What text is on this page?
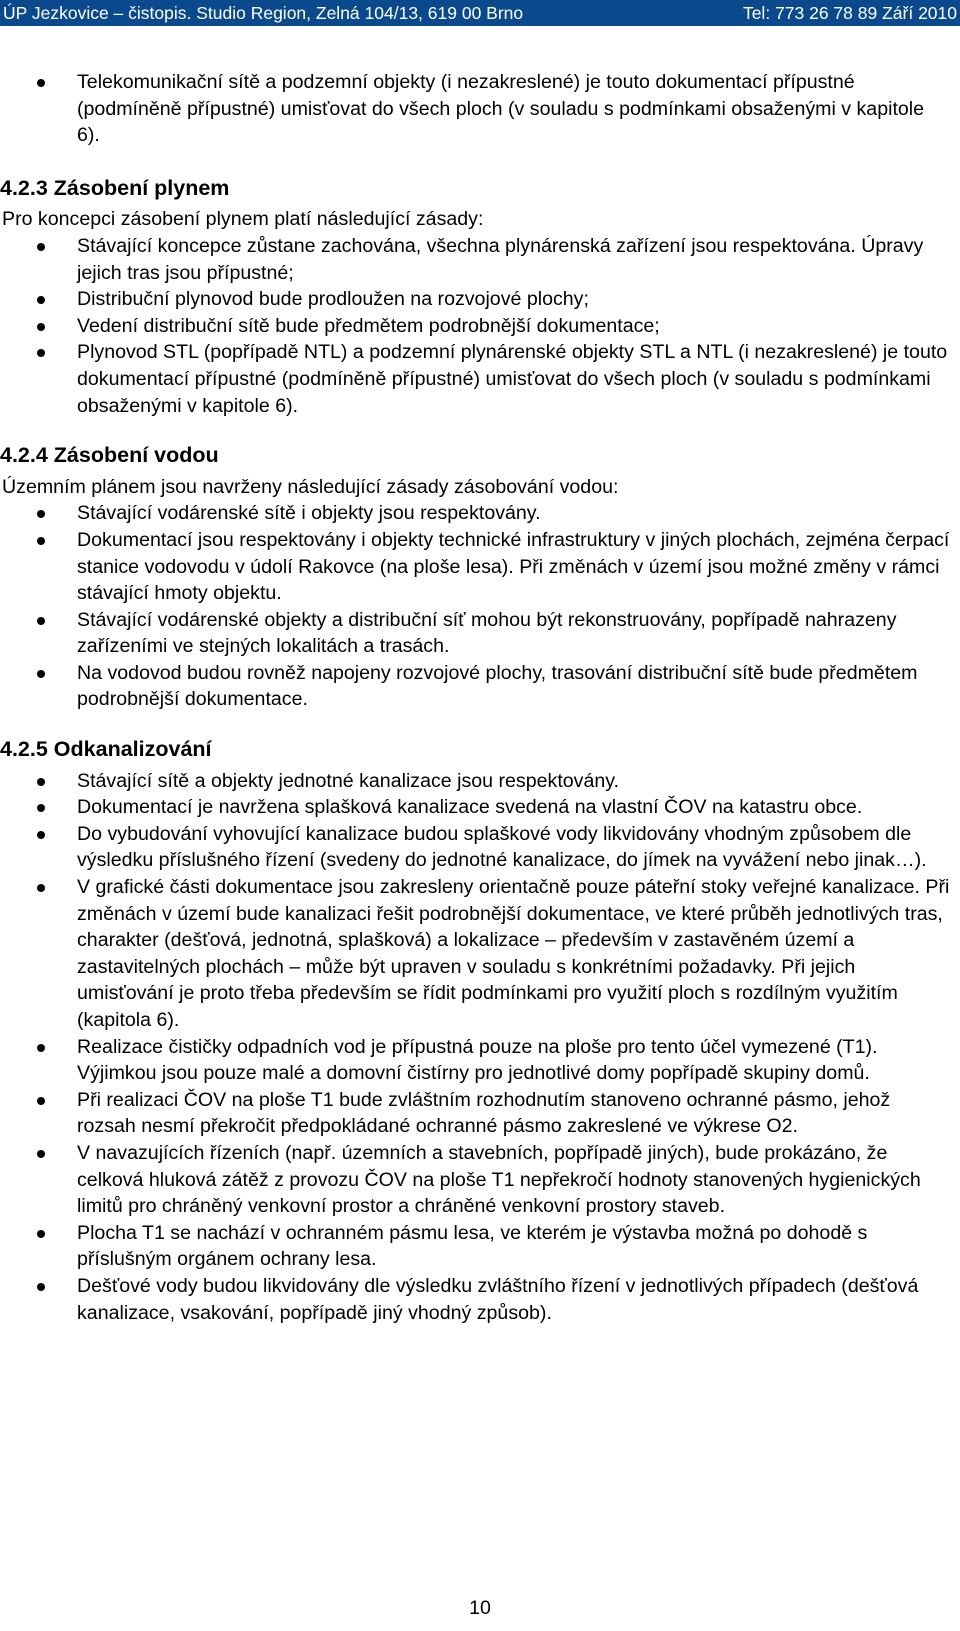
ÚP Jezkovice – čistopis. Studio Region, Zelná 104/13, 619 00 Brno	Tel: 773 26 78 89 Září 2010
Telekomunikační sítě a podzemní objekty (i nezakreslené) je touto dokumentací přípustné (podmíněně přípustné) umisťovat do všech ploch (v souladu s podmínkami obsaženými v kapitole 6).
4.2.3 Zásobení plynem

Pro koncepci zásobení plynem platí následující zásady:

Stávající koncepce zůstane zachována, všechna plynárenská zařízení jsou respektována. Úpravy jejich tras jsou přípustné;
Distribuční plynovod bude prodloužen na rozvojové plochy;
Vedení distribuční sítě bude předmětem podrobnější dokumentace;
Plynovod STL (popřípadě NTL) a podzemní plynárenské objekty STL a NTL (i nezakreslené) je touto dokumentací přípustné (podmíněně přípustné) umisťovat do všech ploch (v souladu s podmínkami obsaženými v kapitole 6).
4.2.4 Zásobení vodou

Územním plánem jsou navrženy následující zásady zásobování vodou:

Stávající vodárenské sítě i objekty jsou respektovány.
Dokumentací jsou respektovány i objekty technické infrastruktury v jiných plochách, zejména čerpací stanice vodovodu v údolí Rakovce (na ploše lesa). Při změnách v území jsou možné změny v rámci stávající hmoty objektu.
Stávající vodárenské objekty a distribuční síť mohou být rekonstruovány, popřípadě nahrazeny zařízeními ve stejných lokalitách a trasách.
Na vodovod budou rovněž napojeny rozvojové plochy, trasování distribuční sítě bude předmětem podrobnější dokumentace.
4.2.5 Odkanalizování
Stávající sítě a objekty jednotné kanalizace jsou respektovány.
Dokumentací je navržena splašková kanalizace svedená na vlastní ČOV na katastru obce.
Do vybudování vyhovující kanalizace budou splaškové vody likvidovány vhodným způsobem dle výsledku příslušného řízení (svedeny do jednotné kanalizace, do jímek na vyvážení nebo jinak…).
V grafické části dokumentace jsou zakresleny orientačně pouze páteřní stoky veřejné kanalizace. Při změnách v území bude kanalizaci řešit podrobnější dokumentace, ve které průběh jednotlivých tras, charakter (dešťová, jednotná, splašková) a lokalizace – především v zastavěném území a zastavitelných plochách – může být upraven v souladu s konkrétními požadavky. Při jejich umisťování je proto třeba především se řídit podmínkami pro využití ploch s rozdílným využitím (kapitola 6).
Realizace čističky odpadních vod je přípustná pouze na ploše pro tento účel vymezené (T1). Výjimkou jsou pouze malé a domovní čistírny pro jednotlivé domy popřípadě skupiny domů.
Při realizaci ČOV na ploše T1 bude zvláštním rozhodnutím stanoveno ochranné pásmo, jehož rozsah nesmí překročit předpokládané ochranné pásmo zakreslené ve výkrese O2.
V navazujících řízeních (např. územních a stavebních, popřípadě jiných), bude prokázáno, že celková hluková zátěž z provozu ČOV na ploše T1 nepřekročí hodnoty stanovených hygienických limitů pro chráněný venkovní prostor a chráněné venkovní prostory staveb.
Plocha T1 se nachází v ochranném pásmu lesa, ve kterém je výstavba možná po dohodě s příslušným orgánem ochrany lesa.
Dešťové vody budou likvidovány dle výsledku zvláštního řízení v jednotlivých případech (dešťová kanalizace, vsakování, popřípadě jiný vhodný způsob).
10
